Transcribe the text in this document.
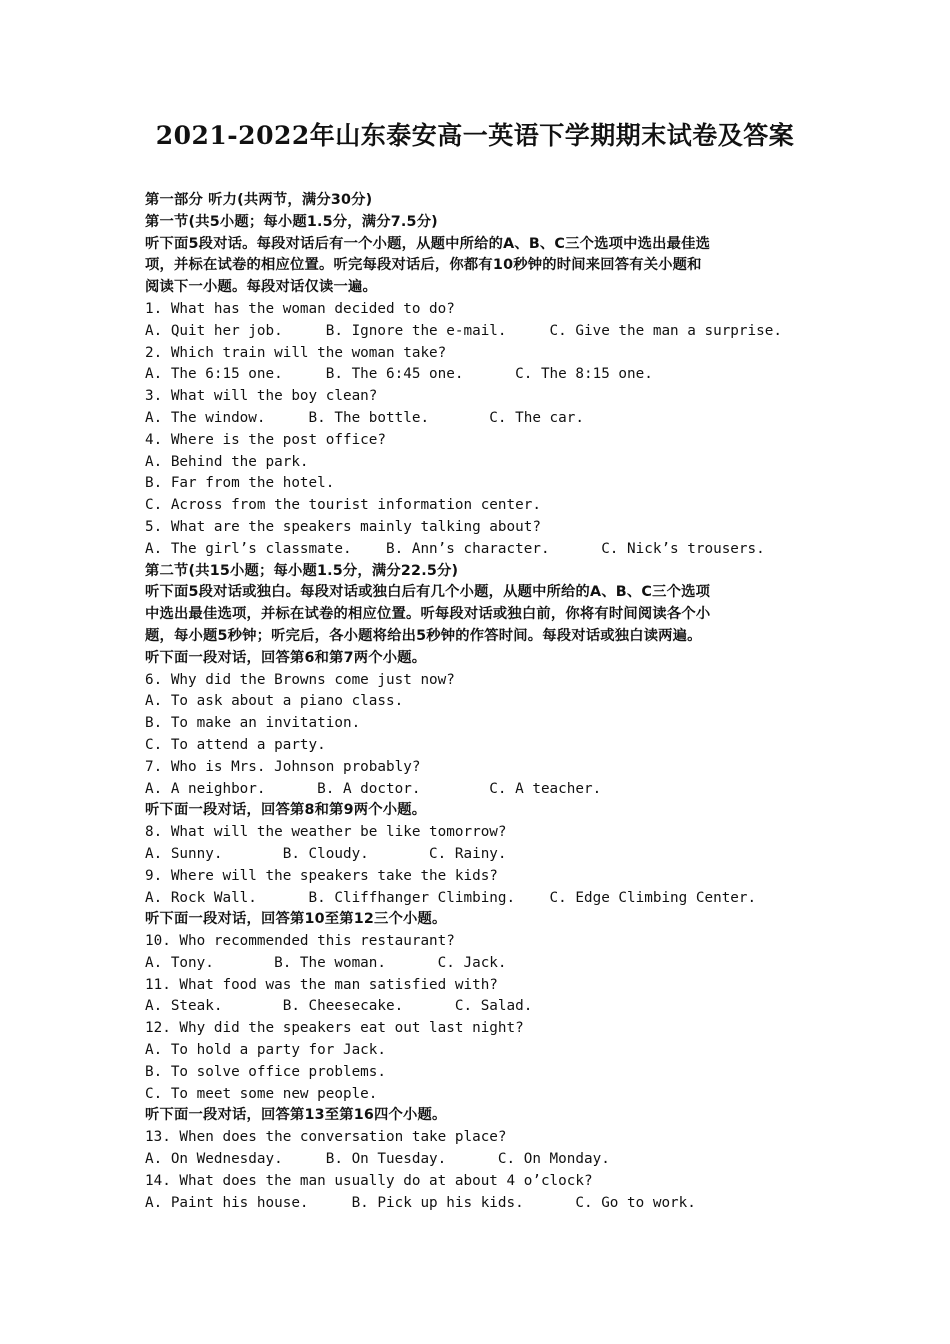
2021-2022年山东泰安高一英语下学期期末试卷及答案
第一部分 听力(共两节，满分30分)
第一节(共5小题；每小题1.5分，满分7.5分)
听下面5段对话。每段对话后有一个小题，从题中所给的A、B、C三个选项中选出最佳选
项，并标在试卷的相应位置。听完每段对话后，你都有10秒钟的时间来回答有关小题和
阅读下一小题。每段对话仅读一遍。
1. What has the woman decided to do?
A. Quit her job.     B. Ignore the e-mail.     C. Give the man a surprise.
2. Which train will the woman take?
A. The 6:15 one.     B. The 6:45 one.      C. The 8:15 one.
3. What will the boy clean?
A. The window.     B. The bottle.       C. The car.
4. Where is the post office?
A. Behind the park.
B. Far from the hotel.
C. Across from the tourist information center.
5. What are the speakers mainly talking about?
A. The girl’s classmate.    B. Ann’s character.      C. Nick’s trousers.
第二节(共15小题；每小题1.5分，满分22.5分)
听下面5段对话或独白。每段对话或独白后有几个小题，从题中所给的A、B、C三个选项
中选出最佳选项，并标在试卷的相应位置。听每段对话或独白前，你将有时间阅读各个小
题，每小题5秒钟；听完后，各小题将给出5秒钟的作答时间。每段对话或独白读两遍。
听下面一段对话，回答第6和第7两个小题。
6. Why did the Browns come just now?
A. To ask about a piano class.
B. To make an invitation.
C. To attend a party.
7. Who is Mrs. Johnson probably?
A. A neighbor.      B. A doctor.        C. A teacher.
听下面一段对话，回答第8和第9两个小题。
8. What will the weather be like tomorrow?
A. Sunny.       B. Cloudy.       C. Rainy.
9. Where will the speakers take the kids?
A. Rock Wall.      B. Cliffhanger Climbing.    C. Edge Climbing Center.
听下面一段对话，回答第10至第12三个小题。
10. Who recommended this restaurant?
A. Tony.       B. The woman.      C. Jack.
11. What food was the man satisfied with?
A. Steak.       B. Cheesecake.      C. Salad.
12. Why did the speakers eat out last night?
A. To hold a party for Jack.
B. To solve office problems.
C. To meet some new people.
听下面一段对话，回答第13至第16四个小题。
13. When does the conversation take place?
A. On Wednesday.     B. On Tuesday.      C. On Monday.
14. What does the man usually do at about 4 o’clock?
A. Paint his house.     B. Pick up his kids.      C. Go to work.
